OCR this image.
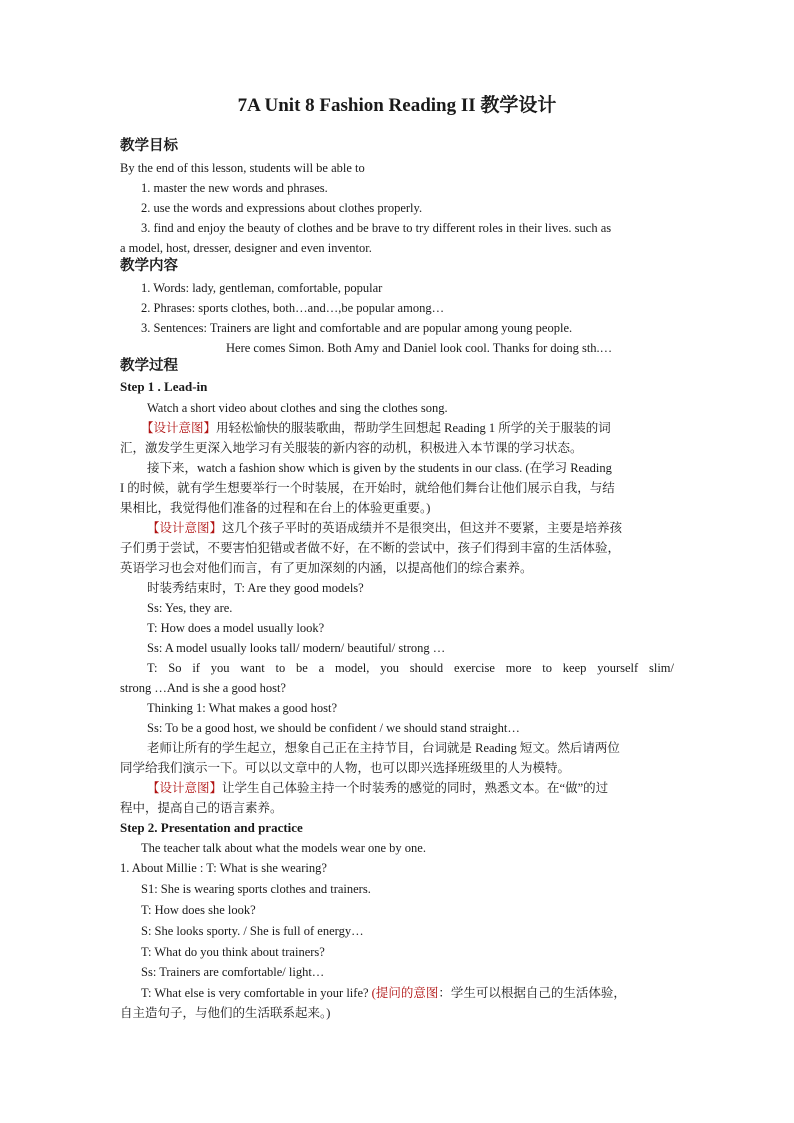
7A Unit 8 Fashion Reading II 教学设计
教学目标
By the end of this lesson, students will be able to
1. master the new words and phrases.
2. use the words and expressions about clothes properly.
3. find and enjoy the beauty of clothes and be brave to try different roles in their lives. such as
a model, host, dresser, designer and even inventor.
教学内容
1. Words: lady, gentleman, comfortable, popular
2. Phrases: sports clothes, both…and…,be popular among…
3. Sentences: Trainers are light and comfortable and are popular among young people.
Here comes Simon. Both Amy and Daniel look cool. Thanks for doing sth.…
教学过程
Step 1 . Lead-in
Watch a short video about clothes and sing the clothes song.
【设计意图】用轻松愉快的服装歌曲，帮助学生回想起 Reading 1 所学的关于服装的词
汇，激发学生更深入地学习有关服装的新内容的动机，积极进入本节课的学习状态。
接下来，watch a fashion show which is given by the students in our class. (在学习 Reading
I 的时候，就有学生想要举行一个时装展，在开始时，就给他们舞台让他们展示自我，与结
果相比，我觉得他们准备的过程和在台上的体验更重要。)
【设计意图】这几个孩子平时的英语成绩并不是很突出，但这并不要紧，主要是培养孩
子们勇于尝试，不要害怕犯错或者做不好，在不断的尝试中，孩子们得到丰富的生活体验，
英语学习也会对他们而言，有了更加深刻的内涵，以提高他们的综合素养。
时装秀结束时，T: Are they good models?
Ss: Yes, they are.
T: How does a model usually look?
Ss: A model usually looks tall/ modern/ beautiful/ strong …
T: So if you want to be a model, you should exercise more to keep yourself slim/
strong …And is she a good host?
Thinking 1: What makes a good host?
Ss: To be a good host, we should be confident / we should stand straight…
老师让所有的学生起立，想象自己正在主持节目，台词就是 Reading 短文。然后请两位
同学给我们演示一下。可以以文章中的人物，也可以即兴选择班级里的人为模特。
【设计意图】让学生自己体验主持一个时装秀的感觉的同时，熟悉文本。在“做”的过
程中，提高自己的语言素养。
Step 2. Presentation and practice
The teacher talk about what the models wear one by one.
1. About Millie : T: What is she wearing?
S1: She is wearing sports clothes and trainers.
T: How does she look?
S: She looks sporty. / She is full of energy…
T: What do you think about trainers?
Ss: Trainers are comfortable/ light…
T: What else is very comfortable in your life? (提问的意图：学生可以根据自己的生活体验，
自主造句子，与他们的生活联系起来。)
